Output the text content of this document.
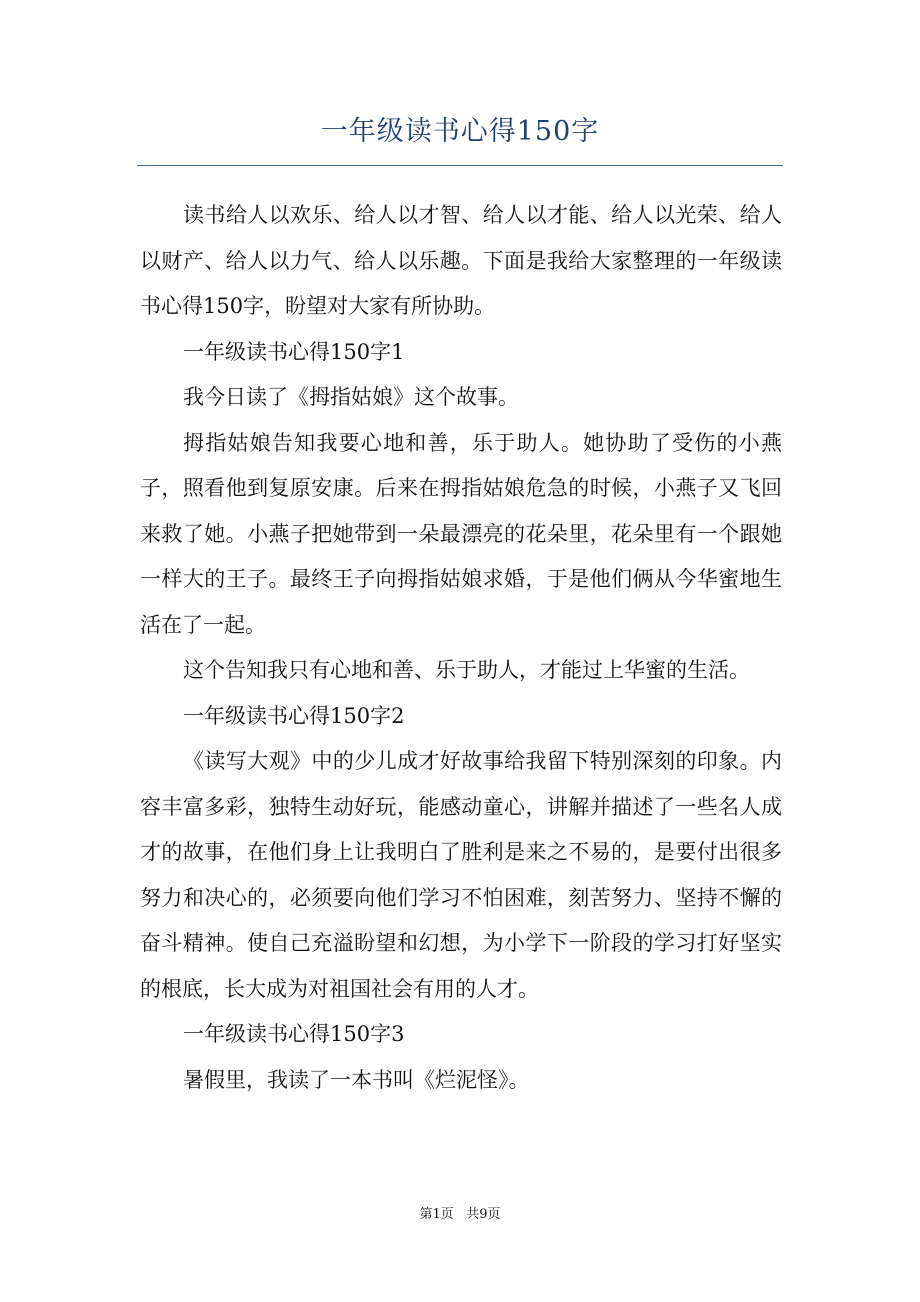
一年级读书心得150字

读书给人以欢乐、给人以才智、给人以才能、给人以光荣、给人以财产、给人以力气、给人以乐趣。下面是我给大家整理的一年级读书心得150字，盼望对大家有所协助。

一年级读书心得150字1

我今日读了《拇指姑娘》这个故事。

拇指姑娘告知我要心地和善，乐于助人。她协助了受伤的小燕子，照看他到复原安康。后来在拇指姑娘危急的时候，小燕子又飞回来救了她。小燕子把她带到一朵最漂亮的花朵里，花朵里有一个跟她一样大的王子。最终王子向拇指姑娘求婚，于是他们俩从今华蜜地生活在了一起。

这个告知我只有心地和善、乐于助人，才能过上华蜜的生活。

一年级读书心得150字2

《读写大观》中的少儿成才好故事给我留下特别深刻的印象。内容丰富多彩，独特生动好玩，能感动童心，讲解并描述了一些名人成才的故事，在他们身上让我明白了胜利是来之不易的，是要付出很多努力和决心的，必须要向他们学习不怕困难，刻苦努力、坚持不懈的奋斗精神。使自己充溢盼望和幻想，为小学下一阶段的学习打好坚实的根底，长大成为对祖国社会有用的人才。

一年级读书心得150字3

暑假里，我读了一本书叫《烂泥怪》。

第1页 共9页
